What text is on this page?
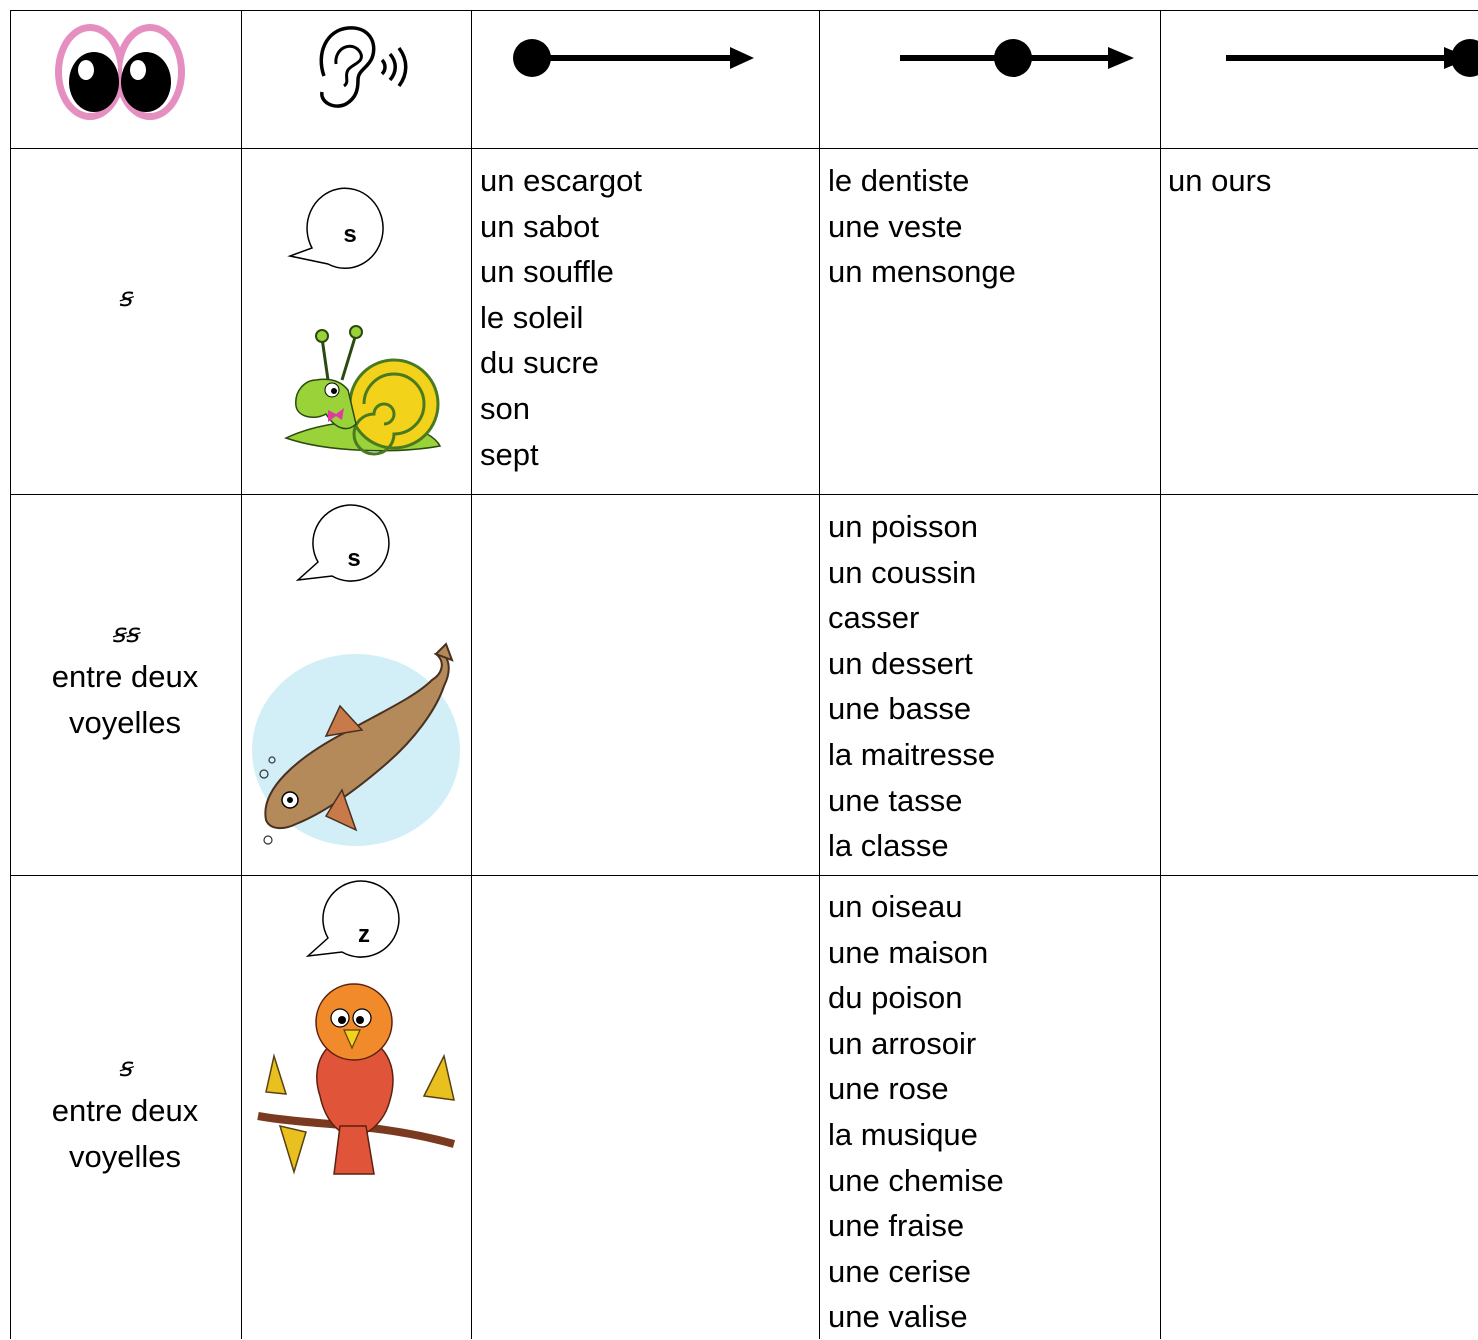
ꞩ
s
un escargot
un sabot
un souffle
le soleil
du sucre
son
sept
le dentiste
une veste
un mensonge
un ours
ꞩꞩ
entre deux voyelles
s
un poisson
un coussin
casser
un dessert
une basse
la maitresse
une tasse
la classe
ꞩ
entre deux voyelles
z
un oiseau
une maison
du poison
un arrosoir
une rose
la musique
une chemise
une fraise
une cerise
une valise
